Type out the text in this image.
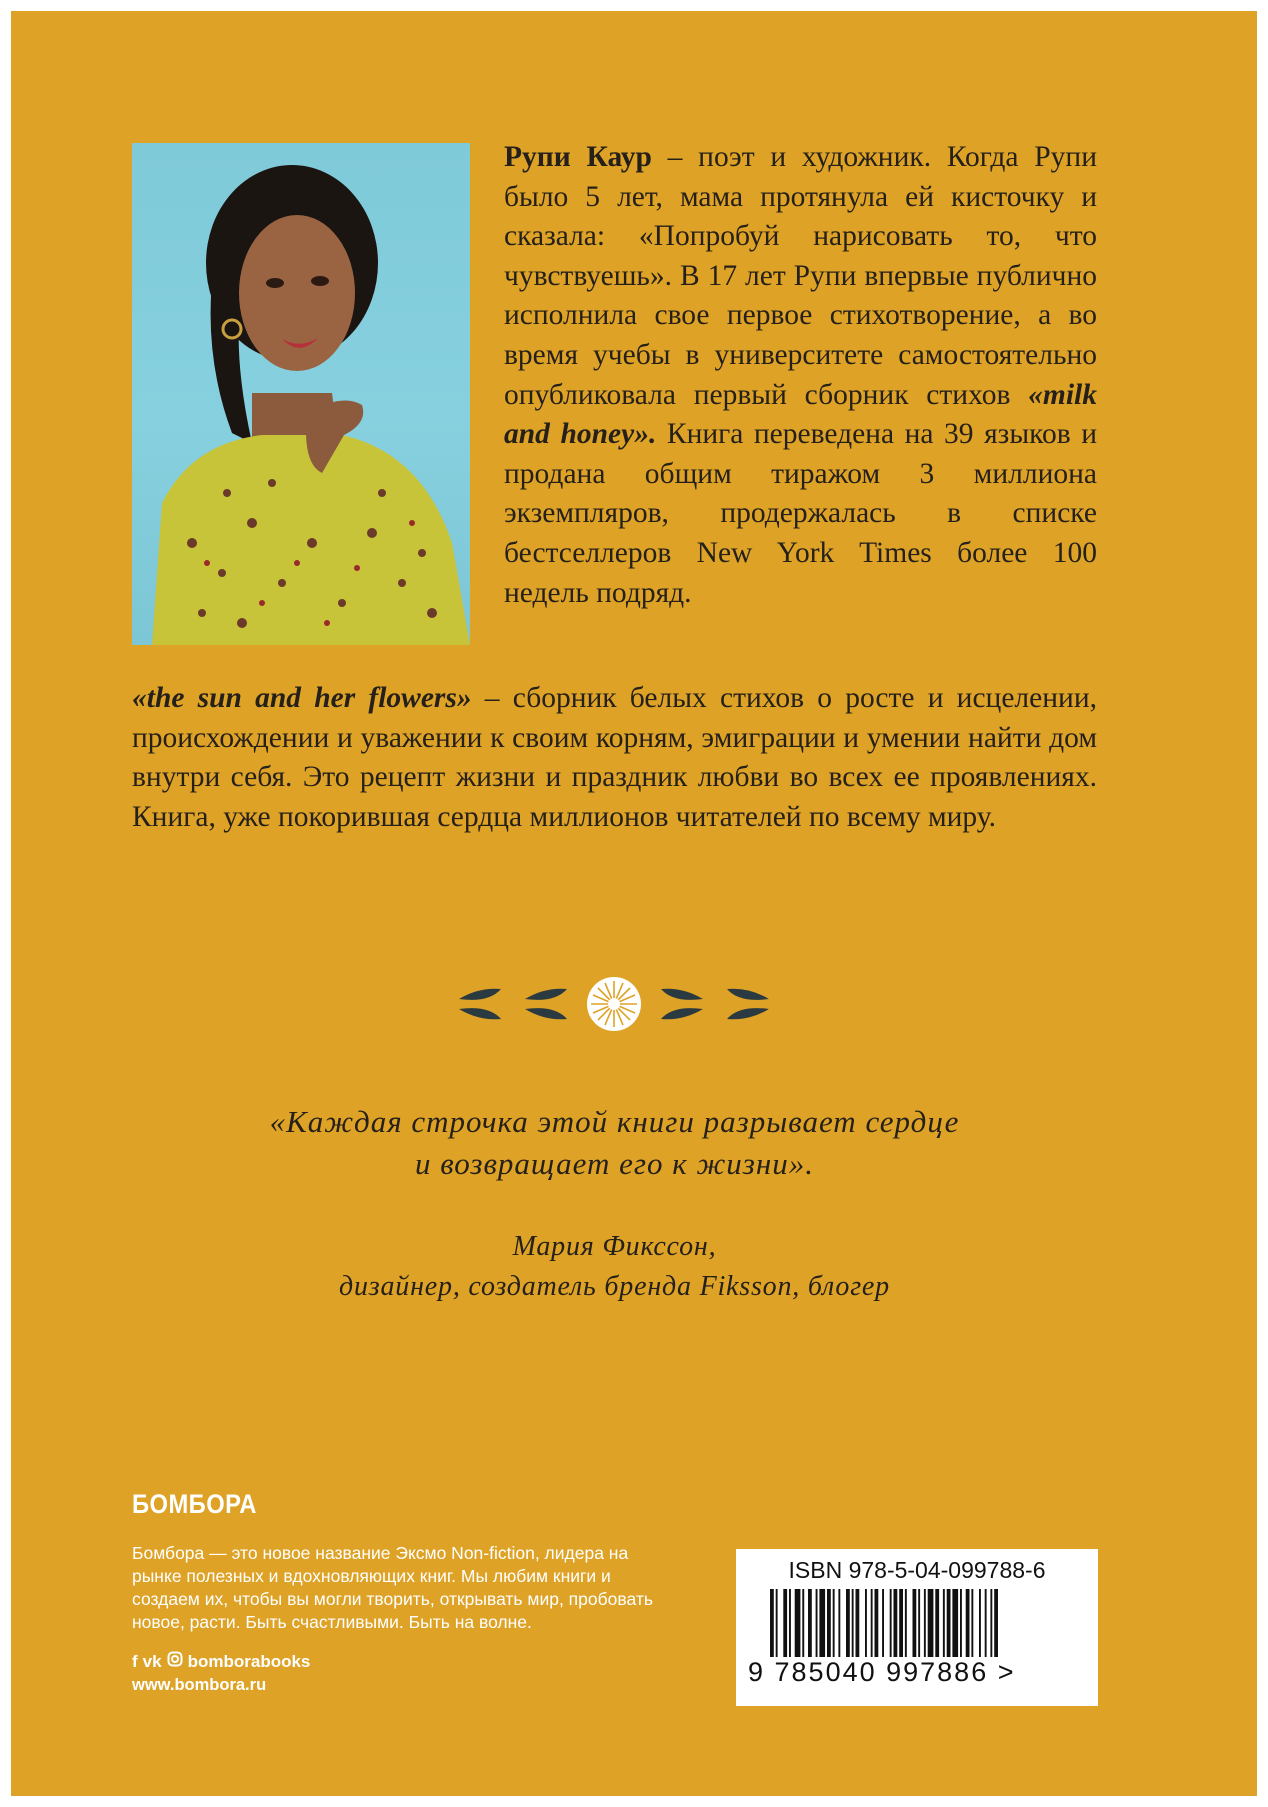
Рупи Каур – поэт и художник. Когда Рупи было 5 лет, мама протянула ей кисточку и сказала: «Попробуй нарисовать то, что чувствуешь». В 17 лет Рупи впервые публично исполнила свое первое стихотворение, а во время учебы в университете самостоятельно опубликовала первый сборник стихов «milk and honey». Книга переведена на 39 языков и продана общим тиражом 3 миллиона экземпляров, продержалась в списке бестселлеров New York Times более 100 недель подряд.
«the sun and her flowers» – сборник белых стихов о росте и исцелении, происхождении и уважении к своим корням, эмиграции и умении найти дом внутри себя. Это рецепт жизни и праздник любви во всех ее проявлениях. Книга, уже покорившая сердца миллионов читателей по всему миру.
«Каждая строчка этой книги разрывает сердце
и возвращает его к жизни».
Мария Фикссон,
дизайнер, создатель бренда Fiksson, блогер
БОМБОРА
Бомбора — это новое название Эксмо Non-fiction, лидера на рынке полезных и вдохновляющих книг. Мы любим книги и создаем их, чтобы вы могли творить, открывать мир, пробовать новое, расти. Быть счастливыми. Быть на волне.
f vk bomborabooks
www.bombora.ru
ISBN 978-5-04-099788-6
9 785040 997886 >
